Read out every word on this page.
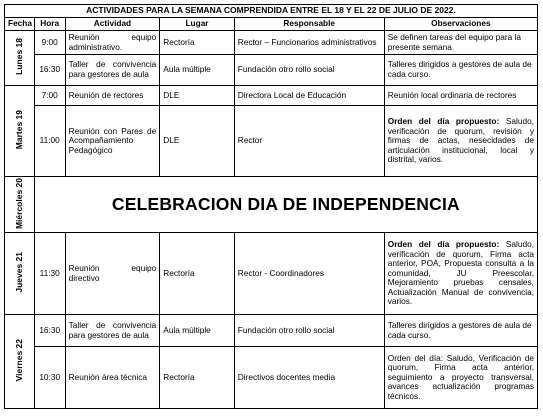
ACTIVIDADES PARA LA SEMANA COMPRENDIDA ENTRE EL 18 Y EL 22 DE JULIO DE 2022.					
Fecha	Hora	Actividad	Lugar	Responsable	Observaciones
Lunes 18	9:00	Reunión equipo administrativo.	Rectoría	Rector – Funcionarios administrativos	Se definen tareas del equipo para la presente semana
	16:30	Taller de convivencia para gestores de aula	Aula múltiple	Fundación otro rollo social	Talleres dirigidos a gestores de aula de cada curso.
Martes 19	7:00	Reunión de rectores	DLE	Directora Local de Educación	Reunión local ordinaria de rectores
	11:00	Reunión con Pares de Acompañamiento Pedagógico	DLE	Rector	Orden del día propuesto: Saludo, verificación de quorum, revisión y firmas de actas, nesecidades de articulación institucional, local y distrital, varios.
Miércoles 20	CELEBRACION DIA DE INDEPENDENCIA				
Jueves 21	11:30	Reunión equipo directivo	Rectoría	Rector - Coordinadores	Orden del día propuesto: Saludo, verificación de quorum, Firma acta anterior, POA, Propuesta consulta a la comunidad, JU Preescolar, Mejoramiento pruebas censales, Actualización Manual de convivencia, varios.
Viernes 22	16:30	Taller de convivencia para gestores de aula	Aula múltiple	Fundación otro rollo social	Talleres dirigidos a gestores de aula de cada curso.
	10:30	Reunión área técnica	Rectoría	Directivos docentes media	Orden del día: Saludo, Verificación de quorum, Firma acta anterior, seguimiento a proyecto transversal, avances actualización programas técnicos.
